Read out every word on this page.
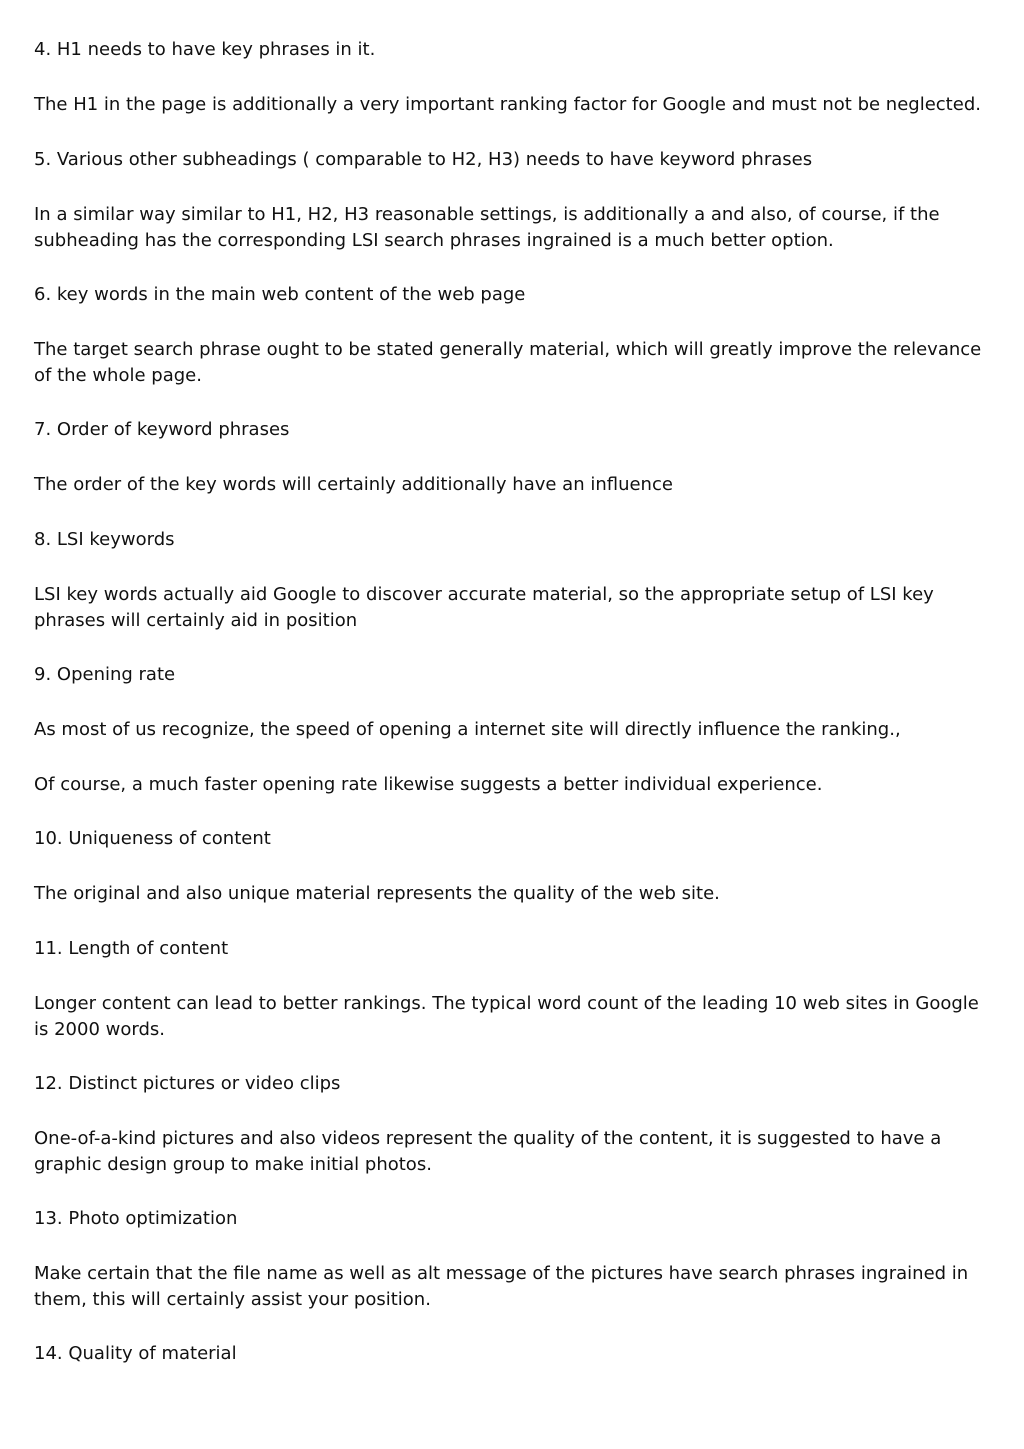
4. H1 needs to have key phrases in it.

The H1 in the page is additionally a very important ranking factor for Google and must not be neglected.

5. Various other subheadings ( comparable to H2, H3) needs to have keyword phrases

In a similar way similar to H1, H2, H3 reasonable settings, is additionally a and also, of course, if the subheading has the corresponding LSI search phrases ingrained is a much better option.

6. key words in the main web content of the web page

The target search phrase ought to be stated generally material, which will greatly improve the relevance of the whole page.

7. Order of keyword phrases

The order of the key words will certainly additionally have an influence

8. LSI keywords

LSI key words actually aid Google to discover accurate material, so the appropriate setup of LSI key phrases will certainly aid in position

9. Opening rate

As most of us recognize, the speed of opening a internet site will directly influence the ranking.,

Of course, a much faster opening rate likewise suggests a better individual experience.

10. Uniqueness of content

The original and also unique material represents the quality of the web site.

11. Length of content

Longer content can lead to better rankings. The typical word count of the leading 10 web sites in Google is 2000 words.

12. Distinct pictures or video clips

One-of-a-kind pictures and also videos represent the quality of the content, it is suggested to have a graphic design group to make initial photos.

13. Photo optimization

Make certain that the file name as well as alt message of the pictures have search phrases ingrained in them, this will certainly assist your position.

14. Quality of material
